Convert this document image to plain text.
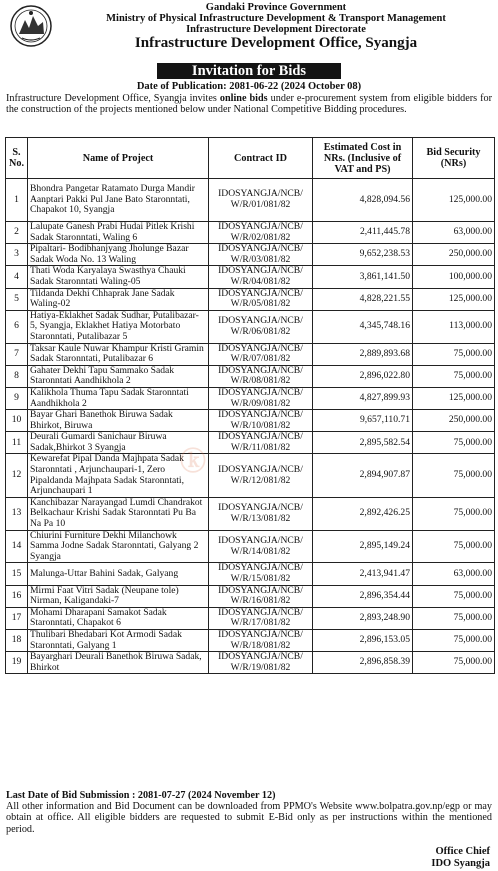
Gandaki Province Government
Ministry of Physical Infrastructure Development & Transport Management
Infrastructure Development Directorate
Infrastructure Development Office, Syangja
Invitation for Bids
Date of Publication: 2081-06-22 (2024 October 08)
Infrastructure Development Office, Syangja invites online bids under e-procurement system from eligible bidders for the construction of the projects mentioned below under National Competitive Bidding procedures.
S. No.	Name of Project	Contract ID	Estimated Cost in NRs. (Inclusive of VAT and PS)	Bid Security (NRs)
1	Bhondra Pangetar Ratamato Durga Mandir Aanptari Pakki Pul Jane Bato Staronntati, Chapakot 10, Syangja	IDOSYANGJA/NCB/ W/R/01/081/82	4,828,094.56	125,000.00
2	Lalupate Ganesh Prabi Hudai Pitlek Krishi Sadak Staronntati, Waling 6	IDOSYANGJA/NCB/ W/R/02/081/82	2,411,445.78	63,000.00
3	Pipaltari- Bodibhanjyang Jholunge Bazar Sadak Woda No. 13 Waling	IDOSYANGJA/NCB/ W/R/03/081/82	9,652,238.53	250,000.00
4	Thati Woda Karyalaya Swasthya Chauki Sadak Staronntati Waling-05	IDOSYANGJA/NCB/ W/R/04/081/82	3,861,141.50	100,000.00
5	Tildanda Dekhi Chhaprak Jane Sadak Waling-02	IDOSYANGJA/NCB/ W/R/05/081/82	4,828,221.55	125,000.00
6	Hatiya-Eklakhet Sadak Sudhar, Putalibazar-5, Syangja, Eklakhet Hatiya Motorbato Staronntati, Putalibazar 5	IDOSYANGJA/NCB/ W/R/06/081/82	4,345,748.16	113,000.00
7	Taksar Kaule Nuwar Khampur Kristi Gramin Sadak Staronntati, Putalibazar 6	IDOSYANGJA/NCB/ W/R/07/081/82	2,889,893.68	75,000.00
8	Gahater Dekhi Tapu Sammako Sadak Staronntati Aandhikhola 2	IDOSYANGJA/NCB/ W/R/08/081/82	2,896,022.80	75,000.00
9	Kalikhola Thuma Tapu Sadak Staronntati Aandhikhola 2	IDOSYANGJA/NCB/ W/R/09/081/82	4,827,899.93	125,000.00
10	Bayar Ghari Banethok Biruwa Sadak Bhirkot, Biruwa	IDOSYANGJA/NCB/ W/R/10/081/82	9,657,110.71	250,000.00
11	Deurali Gumardi Sanichaur Biruwa Sadak,Bhirkot 3 Syangja	IDOSYANGJA/NCB/ W/R/11/081/82	2,895,582.54	75,000.00
12	Kewarefat Pipal Danda Majhpata Sadak Staronntati , Arjunchaupari-1, Zero Pipaldanda Majhpata Sadak Staronntati, Arjunchaupari 1	IDOSYANGJA/NCB/ W/R/12/081/82	2,894,907.87	75,000.00
13	Kanchibazar Narayangad Lumdi Chandrakot Belkachaur Krishi Sadak Staronntati Pu Ba Na Pa 10	IDOSYANGJA/NCB/ W/R/13/081/82	2,892,426.25	75,000.00
14	Chiurini Furniture Dekhi Milanchowk Samma Jodne Sadak Staronntati, Galyang 2 Syangja	IDOSYANGJA/NCB/ W/R/14/081/82	2,895,149.24	75,000.00
15	Malunga-Uttar Bahini Sadak, Galyang	IDOSYANGJA/NCB/ W/R/15/081/82	2,413,941.47	63,000.00
16	Mirmi Faat Vitri Sadak (Neupane tole) Nirman, Kaligandaki-7	IDOSYANGJA/NCB/ W/R/16/081/82	2,896,354.44	75,000.00
17	Mohami Dharapani Samakot Sadak Staronntati, Chapakot 6	IDOSYANGJA/NCB/ W/R/17/081/82	2,893,248.90	75,000.00
18	Thulibari Bhedabari Kot Armodi Sadak Staronntati, Galyang 1	IDOSYANGJA/NCB/ W/R/18/081/82	2,896,153.05	75,000.00
19	Bayarghari Deurali Banethok Biruwa Sadak, Bhirkot	IDOSYANGJA/NCB/ W/R/19/081/82	2,896,858.39	75,000.00
ⓚ
Last Date of Bid Submission : 2081-07-27 (2024 November 12)
All other information and Bid Document can be downloaded from PPMO's Website www.bolpatra.gov.np/egp or may obtain at office. All eligible bidders are requested to submit E-Bid only as per instructions within the mentioned period.
Office Chief
IDO Syangja
